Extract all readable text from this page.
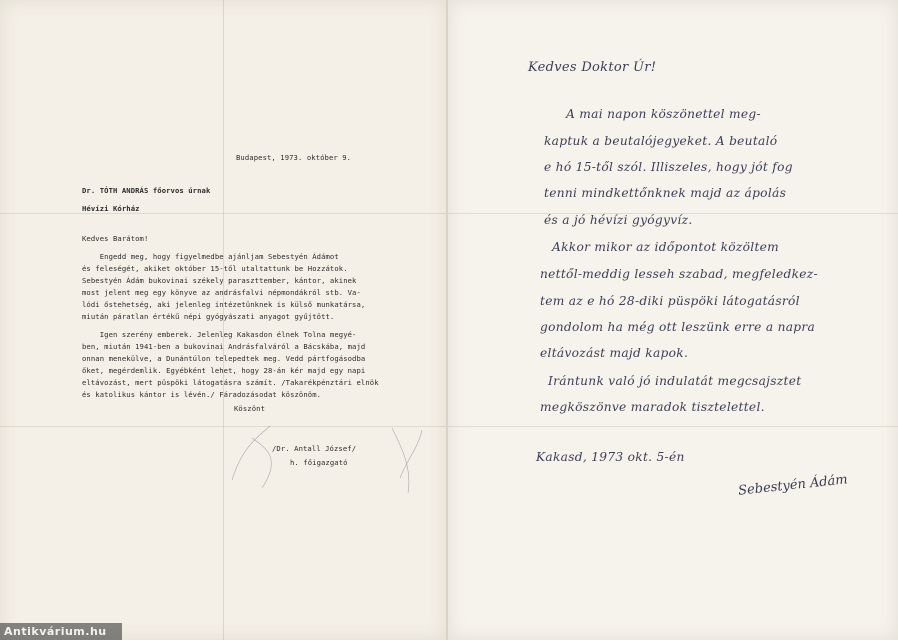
Budapest, 1973. október 9.
Dr. TÓTH ANDRÁS főorvos úrnak
Hévízi Kórház
Kedves Barátom!
Engedd meg, hogy figyelmedbe ajánljam Sebestyén Ádámot
és feleségét, akiket október 15-től utaltattunk be Hozzátok.
Sebestyén Ádám bukovinai székely paraszttember, kántor, akinek
most jelent meg egy könyve az andrásfalvi népmondákról stb. Va-
lódi őstehetség, aki jelenleg intézetünknek is külső munkatársa,
miután páratlan értékű népi gyógyászati anyagot gyűjtött.
Igen szerény emberek. Jelenleg Kakasdon élnek Tolna megyé-
ben, miután 1941-ben a bukovinai Andrásfalváról a Bácskába, majd
onnan menekülve, a Dunántúlon telepedtek meg. Vedd pártfogásodba
őket, megérdemlik. Egyébként lehet, hogy 28-án kér majd egy napi
eltávozást, mert püspöki látogatásra számít. /Takarékpénztári elnök
és katolikus kántor is lévén./ Fáradozásodat köszönöm.
Köszönt
/Dr. Antall József/
h. főigazgató
Kedves Doktor Úr!
A mai napon köszönettel meg-
kaptuk a beutalójegyeket. A beutaló
e hó 15-től szól. Illiszeles, hogy jót fog
tenni mindkettőnknek majd az ápolás
és a jó hévízi gyógyvíz.
Akkor mikor az időpontot közöltem
nettől-meddig lesseh szabad, megfeledkez-
tem az e hó 28-diki püspöki látogatásról
gondolom ha még ott leszünk erre a napra
eltávozást majd kapok.
Irántunk való jó indulatát megcsajsztet
megköszönve maradok tisztelettel.
Kakasd, 1973 okt. 5-én
Sebestyén Ádám
Antikvárium.hu
